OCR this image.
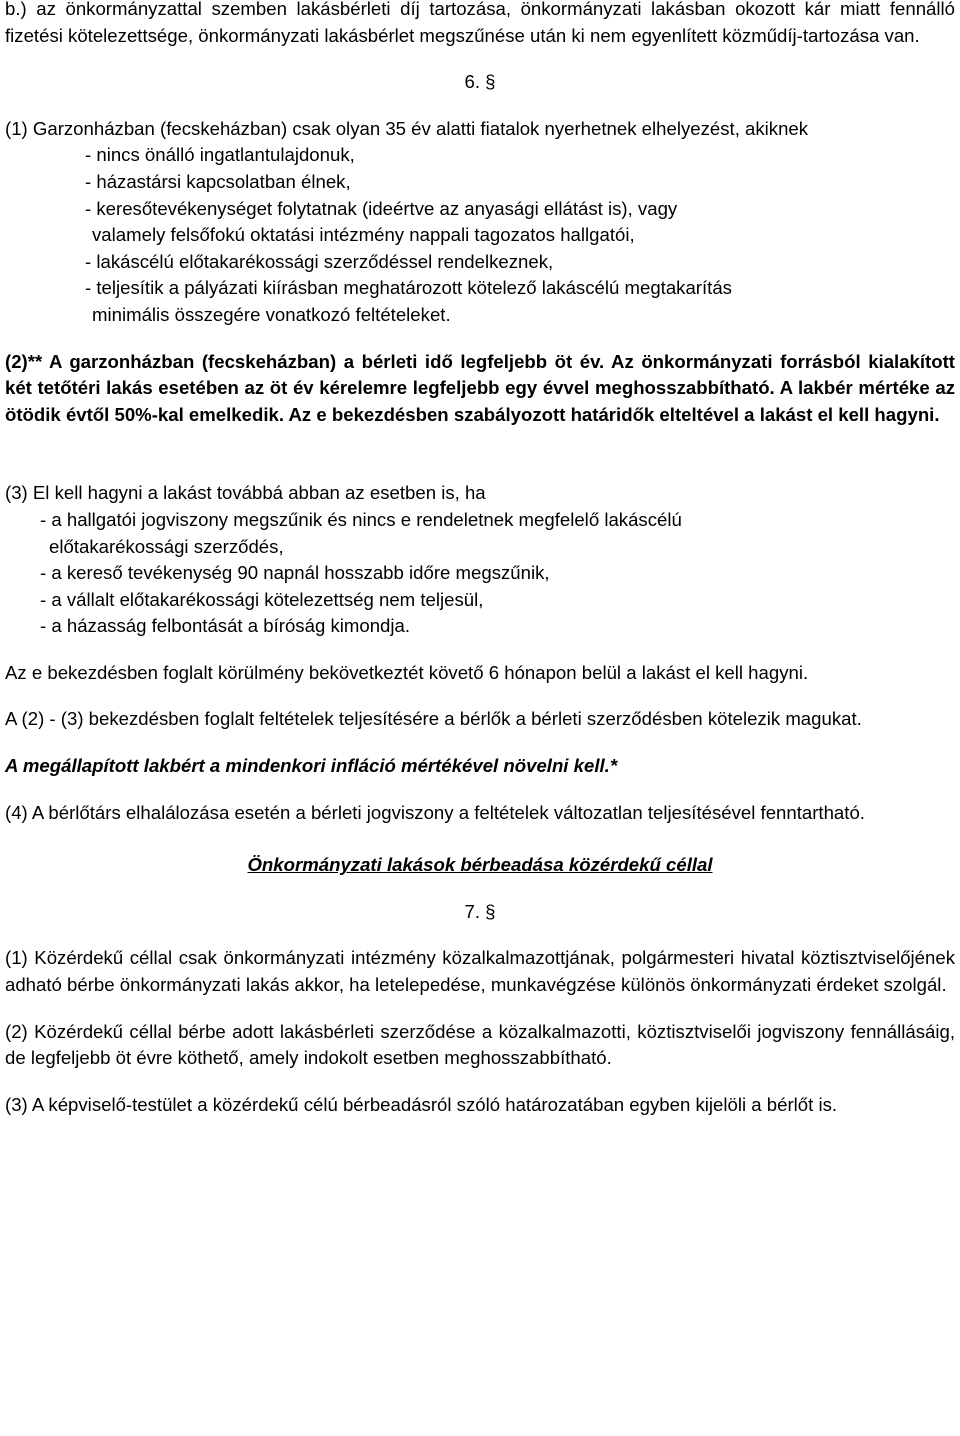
b.) az önkormányzattal szemben lakásbérleti díj tartozása, önkormányzati lakásban okozott kár miatt fennálló fizetési kötelezettsége, önkormányzati lakásbérlet megszűnése után ki nem egyenlített közműdíj-tartozása van.

6. §

(1) Garzonházban (fecskeházban) csak olyan 35 év alatti fiatalok nyerhetnek elhelyezést, akiknek

- nincs önálló ingatlantulajdonuk,

- házastársi kapcsolatban élnek,

- keresőtevékenységet folytatnak (ideértve az anyasági ellátást is), vagy

valamely felsőfokú oktatási intézmény nappali tagozatos hallgatói,

- lakáscélú előtakarékossági szerződéssel rendelkeznek,

- teljesítik a pályázati kiírásban meghatározott kötelező lakáscélú megtakarítás

minimális összegére vonatkozó feltételeket.

(2)** A garzonházban (fecskeházban) a bérleti idő legfeljebb öt év. Az önkormányzati forrásból kialakított két tetőtéri lakás esetében az öt év kérelemre legfeljebb egy évvel meghosszabbítható. A lakbér mértéke az ötödik évtől 50%-kal emelkedik. Az e bekezdésben szabályozott határidők elteltével a lakást el kell hagyni.

(3) El kell hagyni a lakást továbbá abban az esetben is, ha

- a hallgatói jogviszony megszűnik és nincs e rendeletnek megfelelő lakáscélú

előtakarékossági szerződés,

- a kereső tevékenység 90 napnál hosszabb időre megszűnik,

- a vállalt előtakarékossági kötelezettség nem teljesül,

- a házasság felbontását a bíróság kimondja.

Az e bekezdésben foglalt körülmény bekövetkeztét követő 6 hónapon belül a lakást el kell hagyni.

A (2) - (3) bekezdésben foglalt feltételek teljesítésére a bérlők a bérleti szerződésben kötelezik magukat.

A megállapított lakbért a mindenkori infláció mértékével növelni kell.*

(4) A bérlőtárs elhalálozása esetén a bérleti jogviszony a feltételek változatlan teljesítésével fenntartható.

Önkormányzati lakások bérbeadása közérdekű céllal

7. §

(1) Közérdekű céllal csak önkormányzati intézmény közalkalmazottjának, polgármesteri hivatal köztisztviselőjének adható bérbe önkormányzati lakás akkor, ha letelepedése, munkavégzése különös önkormányzati érdeket szolgál.

(2) Közérdekű céllal bérbe adott lakásbérleti szerződése a közalkalmazotti, köztisztviselői jogviszony fennállásáig, de legfeljebb öt évre köthető, amely indokolt esetben meghosszabbítható.

(3) A képviselő-testület a közérdekű célú bérbeadásról szóló határozatában egyben kijelöli a bérlőt is.
